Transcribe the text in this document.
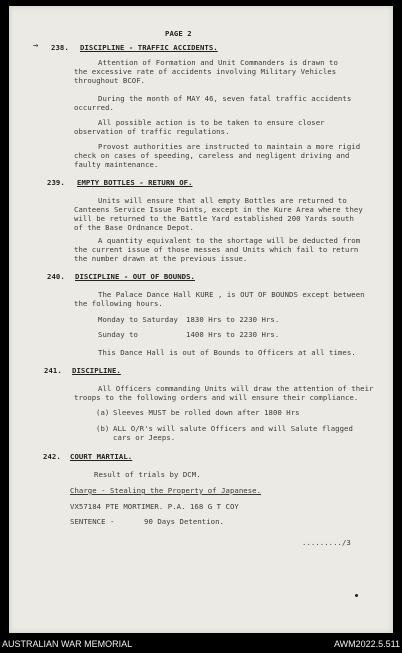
PAGE 2
→ 238. DISCIPLINE - TRAFFIC ACCIDENTS.
Attention of Formation and Unit Commanders is drawn to
the excessive rate of accidents involving Military Vehicles
throughout BCOF.
During the month of MAY 46, seven fatal traffic accidents
occurred.
All possible action is to be taken to ensure closer
observation of traffic regulations.
Provost authorities are instructed to maintain a more rigid
check on cases of speeding, careless and negligent driving and
faulty maintenance.
239. EMPTY BOTTLES - RETURN OF.
Units will ensure that all empty Bottles are returned to
Canteens Service Issue Points, except in the Kure Area where they
will be returned to the Battle Yard established 200 Yards south
of the Base Ordnance Depot.
A quantity equivalent to the shortage will be deducted from
the current issue of those messes and Units which fail to return
the number drawn at the previous issue.
240. DISCIPLINE - OUT OF BOUNDS.
The Palace Dance Hall KURE , is OUT OF BOUNDS except between
the following hours.
Monday to Saturday 1830 Hrs to 2230 Hrs.
Sunday to	1400 Hrs to 2230 Hrs.
This Dance Hall is out of Bounds to Officers at all times.
241. DISCIPLINE.
All Officers commanding Units will draw the attention of their
troops to the following orders and will ensure their compliance.
(a) Sleeves MUST be rolled down after 1800 Hrs
(b) ALL O/R's will salute Officers and will Salute flagged
cars or Jeeps.
242. COURT MARTIAL.
Result of trials by DCM.
Charge - Stealing the Property of Japanese.
VX57184 PTE MORTIMER. P.A. 168 G T COY
SENTENCE -	90 Days Detention.
........./3
AUSTRALIAN WAR MEMORIAL	AWM2022.5.511
